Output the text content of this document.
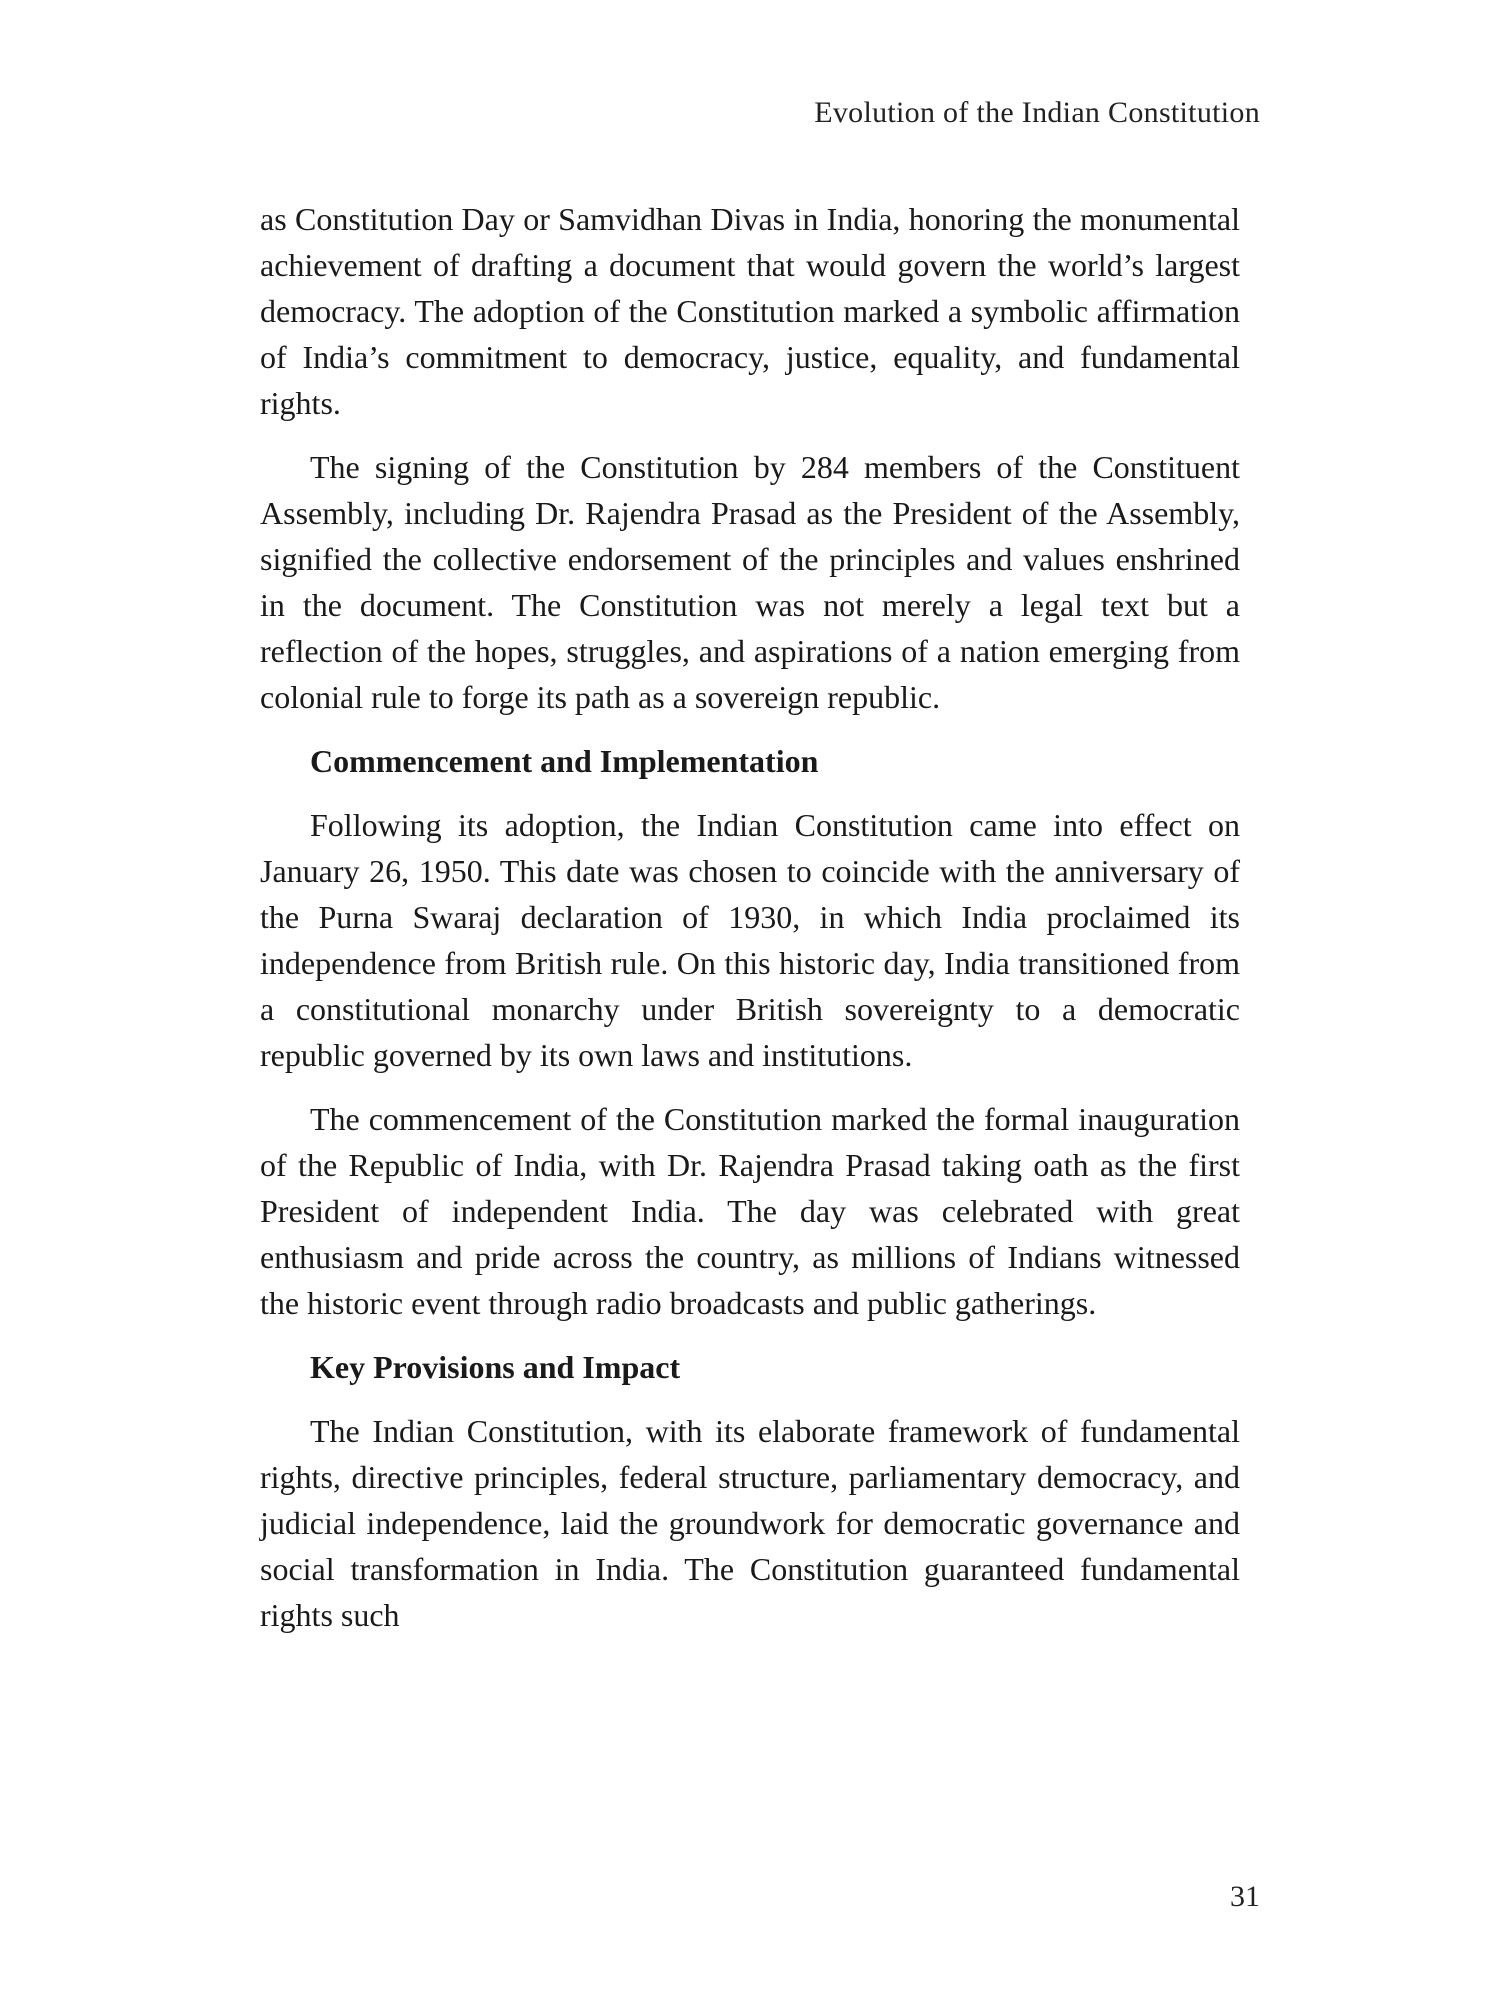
Evolution of the Indian Constitution

as Constitution Day or Samvidhan Divas in India, honoring the monumental achievement of drafting a document that would govern the world’s largest democracy. The adoption of the Constitution marked a symbolic affirmation of India’s commitment to democracy, justice, equality, and fundamental rights.

The signing of the Constitution by 284 members of the Constituent Assembly, including Dr. Rajendra Prasad as the President of the Assembly, signified the collective endorsement of the principles and values enshrined in the document. The Constitution was not merely a legal text but a reflection of the hopes, struggles, and aspirations of a nation emerging from colonial rule to forge its path as a sovereign republic.

Commencement and Implementation

Following its adoption, the Indian Constitution came into effect on January 26, 1950. This date was chosen to coincide with the anniversary of the Purna Swaraj declaration of 1930, in which India proclaimed its independence from British rule. On this historic day, India transitioned from a constitutional monarchy under British sovereignty to a democratic republic governed by its own laws and institutions.

The commencement of the Constitution marked the formal inauguration of the Republic of India, with Dr. Rajendra Prasad taking oath as the first President of independent India. The day was celebrated with great enthusiasm and pride across the country, as millions of Indians witnessed the historic event through radio broadcasts and public gatherings.

Key Provisions and Impact

The Indian Constitution, with its elaborate framework of fundamental rights, directive principles, federal structure, parliamentary democracy, and judicial independence, laid the groundwork for democratic governance and social transformation in India. The Constitution guaranteed fundamental rights such

31
